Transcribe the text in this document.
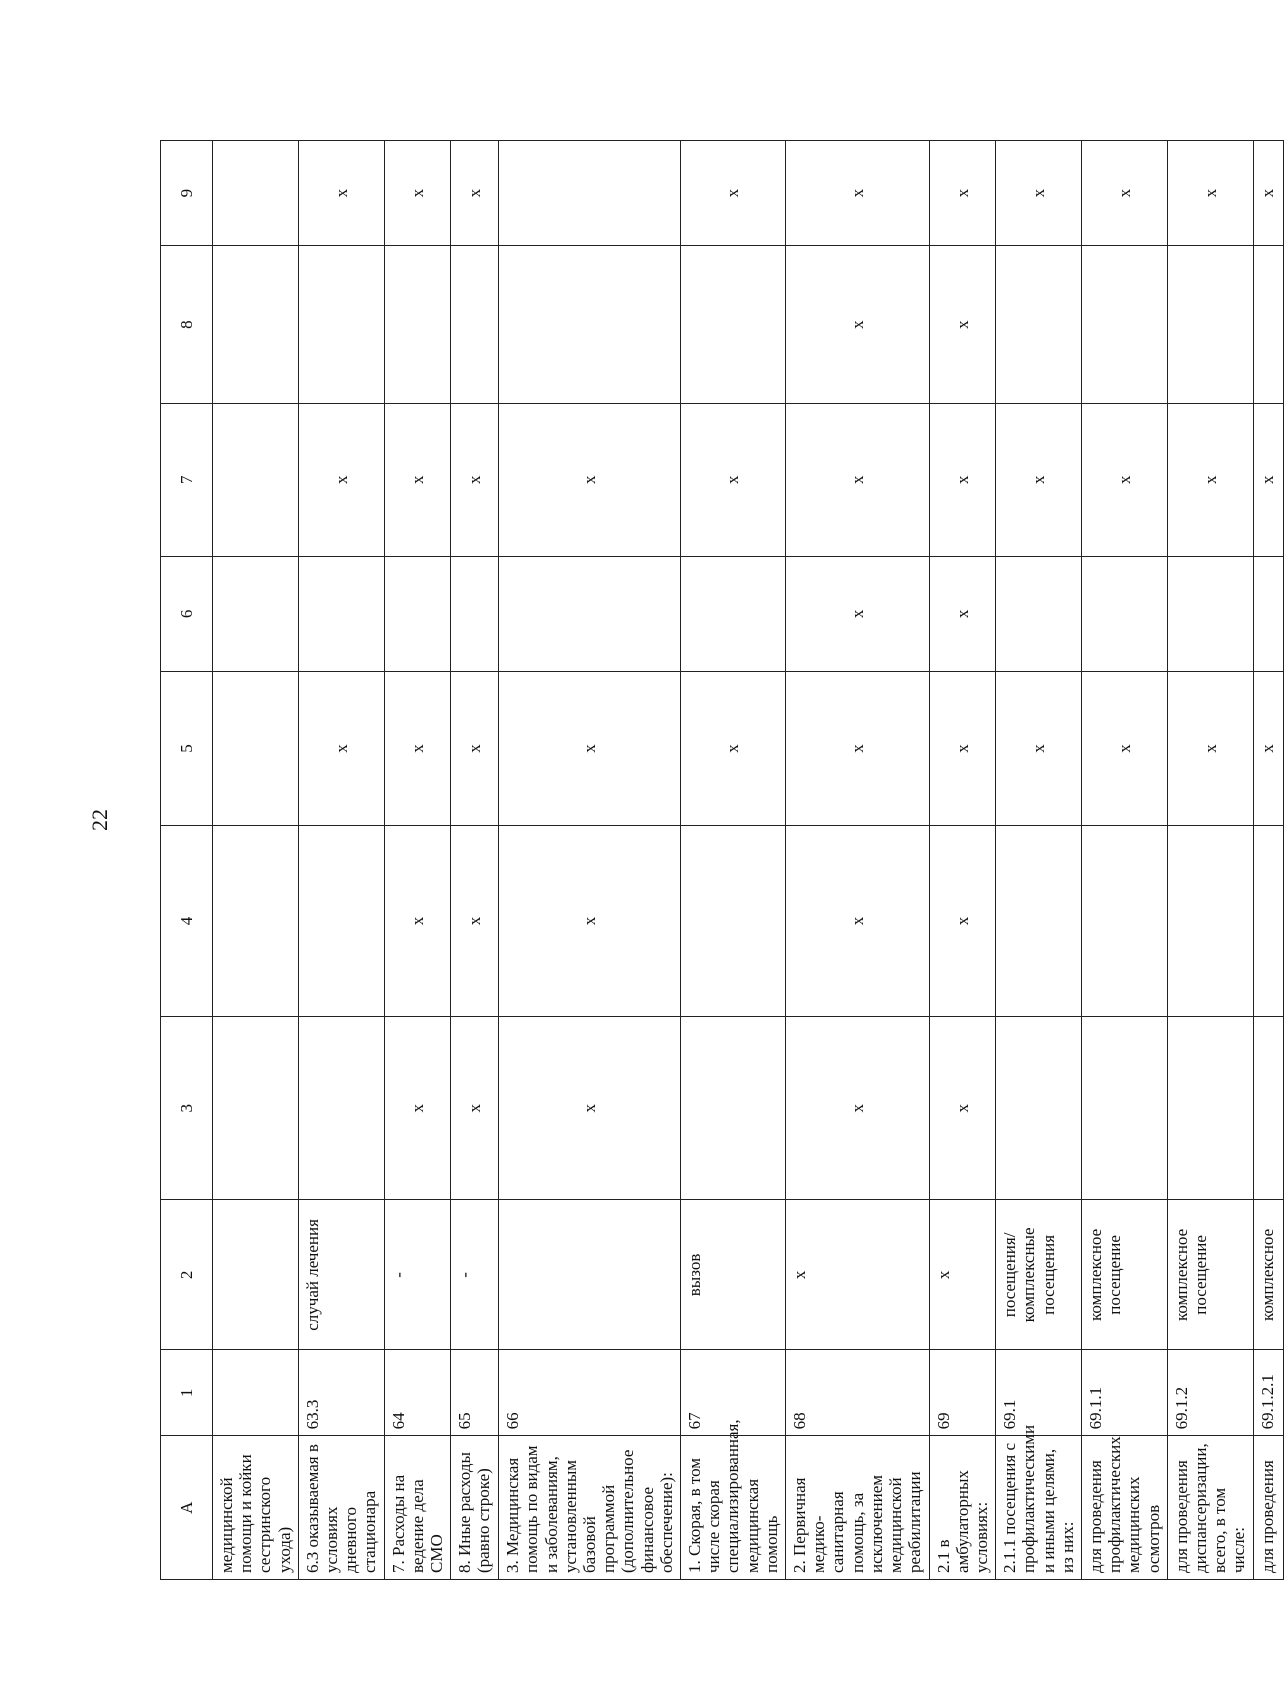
22
A	1	2	3	4	5	6	7	8	9
медицинской помощи и койки сестринского ухода)									
6.3 оказываемая в условиях дневного стационара	63.3	случай лечения			х		х		х
7. Расходы на ведение дела СМО	64	-	х	х	х		х		х
8. Иные расходы (равно строке)	65	-	х	х	х		х		х
3. Медицинская помощь по видам и заболеваниям, установленным базовой программой (дополнительное финансовое обеспечение):	66		х	х	х		х		
1. Скорая, в том числе скорая специализированная, медицинская помощь	67	вызов			х		х		х
2. Первичная медико-санитарная помощь, за исключением медицинской реабилитации	68	х	х	х	х	х	х	х	х
2.1 в амбулаторных условиях:	69	х	х	х	х	х	х	х	х
2.1.1 посещения с профилактическими и иными целями, из них:	69.1	посещения/ комплексные посещения			х		х		х
для проведения профилактических медицинских осмотров	69.1.1	комплексное посещение			х		х		х
для проведения диспансеризации, всего, в том числе:	69.1.2	комплексное посещение			х		х		х
для проведения	69.1.2.1	комплексное			х		х		х
